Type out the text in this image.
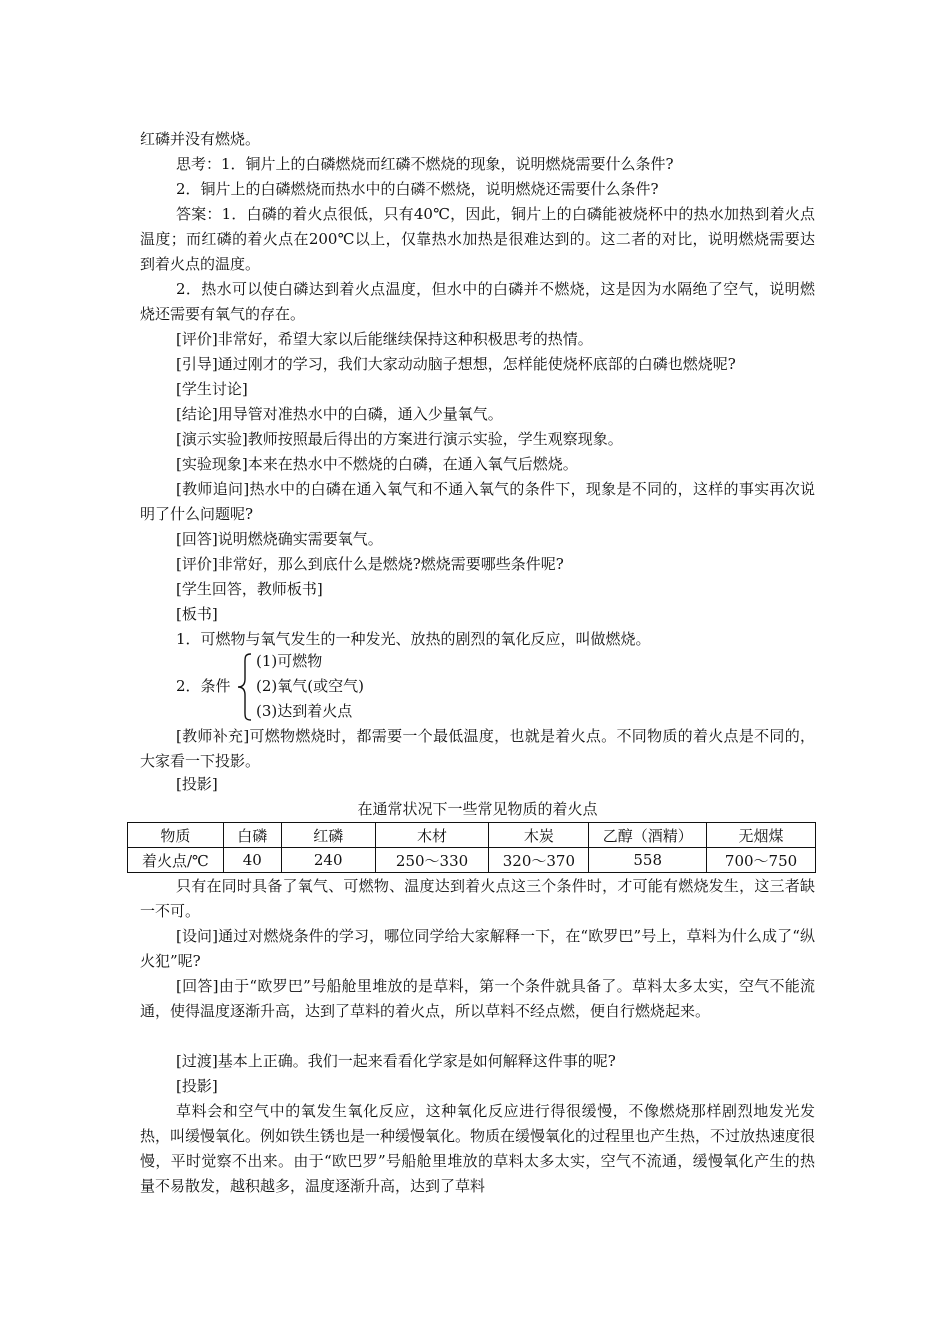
红磷并没有燃烧。

思考：1．铜片上的白磷燃烧而红磷不燃烧的现象，说明燃烧需要什么条件?

2．铜片上的白磷燃烧而热水中的白磷不燃烧，说明燃烧还需要什么条件?

答案：1．白磷的着火点很低，只有40℃，因此，铜片上的白磷能被烧杯中的热水加热到着火点温度；而红磷的着火点在200℃以上，仅靠热水加热是很难达到的。这二者的对比，说明燃烧需要达到着火点的温度。

2．热水可以使白磷达到着火点温度，但水中的白磷并不燃烧，这是因为水隔绝了空气，说明燃烧还需要有氧气的存在。

[评价]非常好，希望大家以后能继续保持这种积极思考的热情。

[引导]通过刚才的学习，我们大家动动脑子想想，怎样能使烧杯底部的白磷也燃烧呢?

[学生讨论]

[结论]用导管对准热水中的白磷，通入少量氧气。

[演示实验]教师按照最后得出的方案进行演示实验，学生观察现象。

[实验现象]本来在热水中不燃烧的白磷，在通入氧气后燃烧。

[教师追问]热水中的白磷在通入氧气和不通入氧气的条件下，现象是不同的，这样的事实再次说明了什么问题呢?

[回答]说明燃烧确实需要氧气。

[评价]非常好，那么到底什么是燃烧?燃烧需要哪些条件呢?

[学生回答，教师板书]

[板书]

1．可燃物与氧气发生的一种发光、放热的剧烈的氧化反应，叫做燃烧。

2．条件
(1)可燃物
(2)氧气(或空气)
(3)达到着火点

[教师补充]可燃物燃烧时，都需要一个最低温度，也就是着火点。不同物质的着火点是不同的，大家看一下投影。

[投影]

在通常状况下一些常见物质的着火点
物质	白磷	红磷	木材	木炭	乙醇（酒精）	无烟煤
着火点/℃	40	240	250～330	320～370	558	700～750

只有在同时具备了氧气、可燃物、温度达到着火点这三个条件时，才可能有燃烧发生，这三者缺一不可。

[设问]通过对燃烧条件的学习，哪位同学给大家解释一下，在“欧罗巴”号上，草料为什么成了“纵火犯”呢?

[回答]由于“欧罗巴”号船舱里堆放的是草料，第一个条件就具备了。草料太多太实，空气不能流通，使得温度逐渐升高，达到了草料的着火点，所以草料不经点燃，便自行燃烧起来。

[过渡]基本上正确。我们一起来看看化学家是如何解释这件事的呢?

[投影]

草料会和空气中的氧发生氧化反应，这种氧化反应进行得很缓慢，不像燃烧那样剧烈地发光发热，叫缓慢氧化。例如铁生锈也是一种缓慢氧化。物质在缓慢氧化的过程里也产生热，不过放热速度很慢，平时觉察不出来。由于“欧巴罗”号船舱里堆放的草料太多太实，空气不流通，缓慢氧化产生的热量不易散发，越积越多，温度逐渐升高，达到了草料
